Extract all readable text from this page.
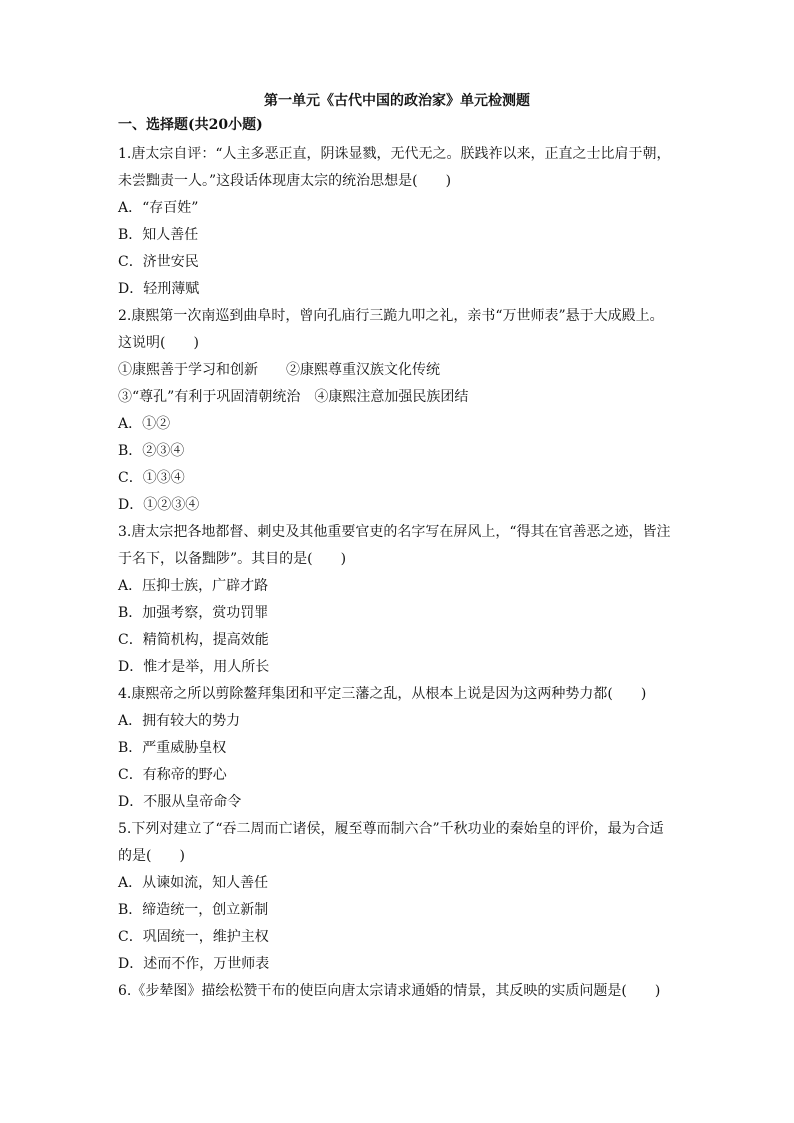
第一单元《古代中国的政治家》单元检测题
一、选择题(共20小题)
1.唐太宗自评：“人主多恶正直，阴诛显戮，无代无之。朕践祚以来，正直之士比肩于朝，
未尝黜责一人。”这段话体现唐太宗的统治思想是(　　)
A．“存百姓”
B．知人善任
C．济世安民
D．轻刑薄赋
2.康熙第一次南巡到曲阜时，曾向孔庙行三跪九叩之礼，亲书“万世师表”悬于大成殿上。
这说明(　　)
①康熙善于学习和创新　　②康熙尊重汉族文化传统
③“尊孔”有利于巩固清朝统治　④康熙注意加强民族团结
A．①②
B．②③④
C．①③④
D．①②③④
3.唐太宗把各地都督、刺史及其他重要官吏的名字写在屏风上，“得其在官善恶之迹，皆注
于名下，以备黜陟”。其目的是(　　)
A．压抑士族，广辟才路
B．加强考察，赏功罚罪
C．精简机构，提高效能
D．惟才是举，用人所长
4.康熙帝之所以剪除鳌拜集团和平定三藩之乱，从根本上说是因为这两种势力都(　　)
A．拥有较大的势力
B．严重威胁皇权
C．有称帝的野心
D．不服从皇帝命令
5.下列对建立了“吞二周而亡诸侯，履至尊而制六合”千秋功业的秦始皇的评价，最为合适
的是(　　)
A．从谏如流，知人善任
B．缔造统一，创立新制
C．巩固统一，维护主权
D．述而不作，万世师表
6.《步辇图》描绘松赞干布的使臣向唐太宗请求通婚的情景，其反映的实质问题是(　　)
